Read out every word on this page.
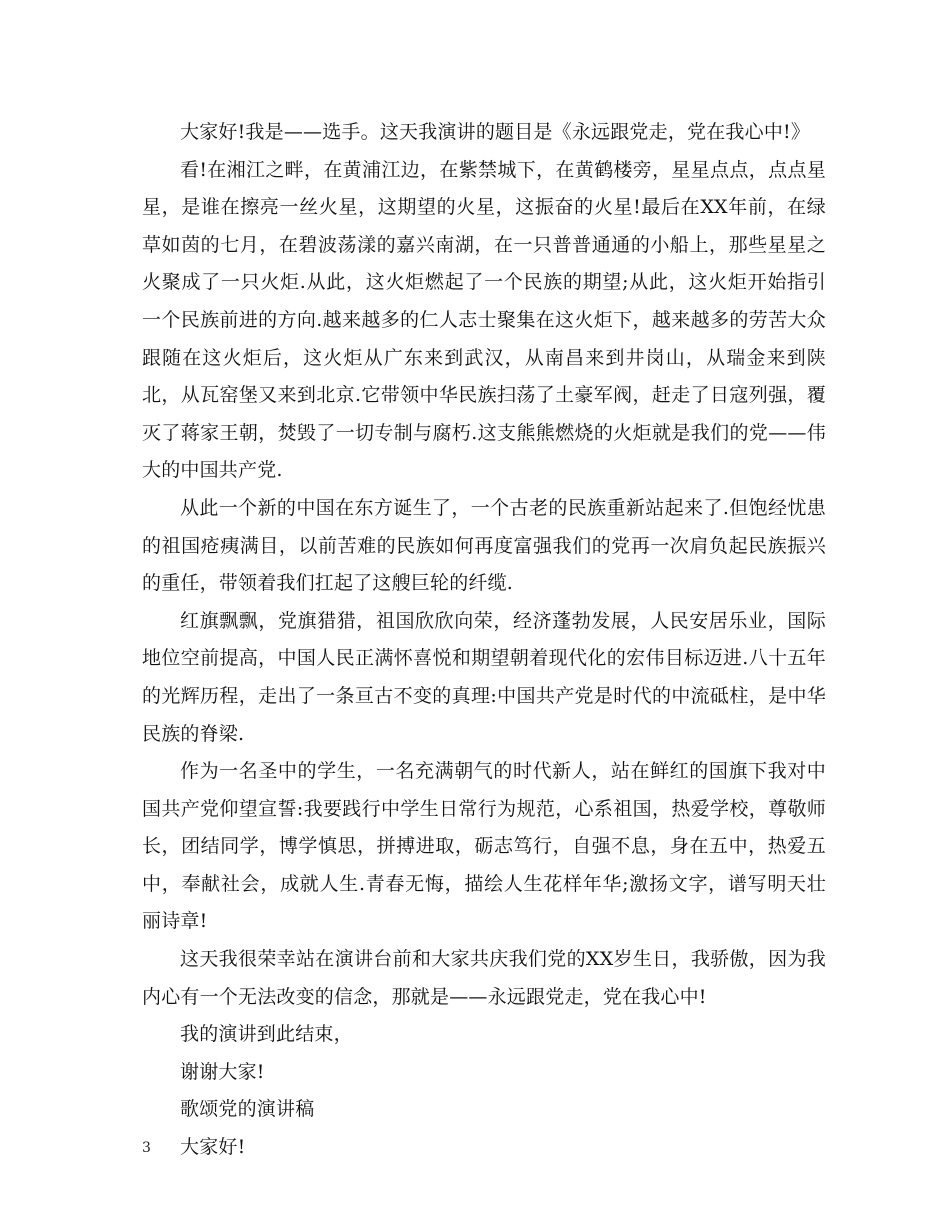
大家好!我是——选手。这天我演讲的题目是《永远跟党走，党在我心中!》

看!在湘江之畔，在黄浦江边，在紫禁城下，在黄鹤楼旁，星星点点，点点星星，是谁在擦亮一丝火星，这期望的火星，这振奋的火星!最后在XX年前，在绿草如茵的七月，在碧波荡漾的嘉兴南湖，在一只普普通通的小船上，那些星星之火聚成了一只火炬.从此，这火炬燃起了一个民族的期望;从此，这火炬开始指引一个民族前进的方向.越来越多的仁人志士聚集在这火炬下，越来越多的劳苦大众跟随在这火炬后，这火炬从广东来到武汉，从南昌来到井岗山，从瑞金来到陕北，从瓦窑堡又来到北京.它带领中华民族扫荡了土豪军阀，赶走了日寇列强，覆灭了蒋家王朝，焚毁了一切专制与腐朽.这支熊熊燃烧的火炬就是我们的党——伟大的中国共产党.

从此一个新的中国在东方诞生了，一个古老的民族重新站起来了.但饱经忧患的祖国疮痍满目，以前苦难的民族如何再度富强我们的党再一次肩负起民族振兴的重任，带领着我们扛起了这艘巨轮的纤缆.

红旗飘飘，党旗猎猎，祖国欣欣向荣，经济蓬勃发展，人民安居乐业，国际地位空前提高，中国人民正满怀喜悦和期望朝着现代化的宏伟目标迈进.八十五年的光辉历程，走出了一条亘古不变的真理:中国共产党是时代的中流砥柱，是中华民族的脊梁.

作为一名圣中的学生，一名充满朝气的时代新人，站在鲜红的国旗下我对中国共产党仰望宣誓:我要践行中学生日常行为规范，心系祖国，热爱学校，尊敬师长，团结同学，博学慎思，拼搏进取，砺志笃行，自强不息，身在五中，热爱五中，奉献社会，成就人生.青春无悔，描绘人生花样年华;激扬文字，谱写明天壮丽诗章!

这天我很荣幸站在演讲台前和大家共庆我们党的XX岁生日，我骄傲，因为我内心有一个无法改变的信念，那就是——永远跟党走，党在我心中!

我的演讲到此结束，

谢谢大家!

歌颂党的演讲稿

大家好!

3
